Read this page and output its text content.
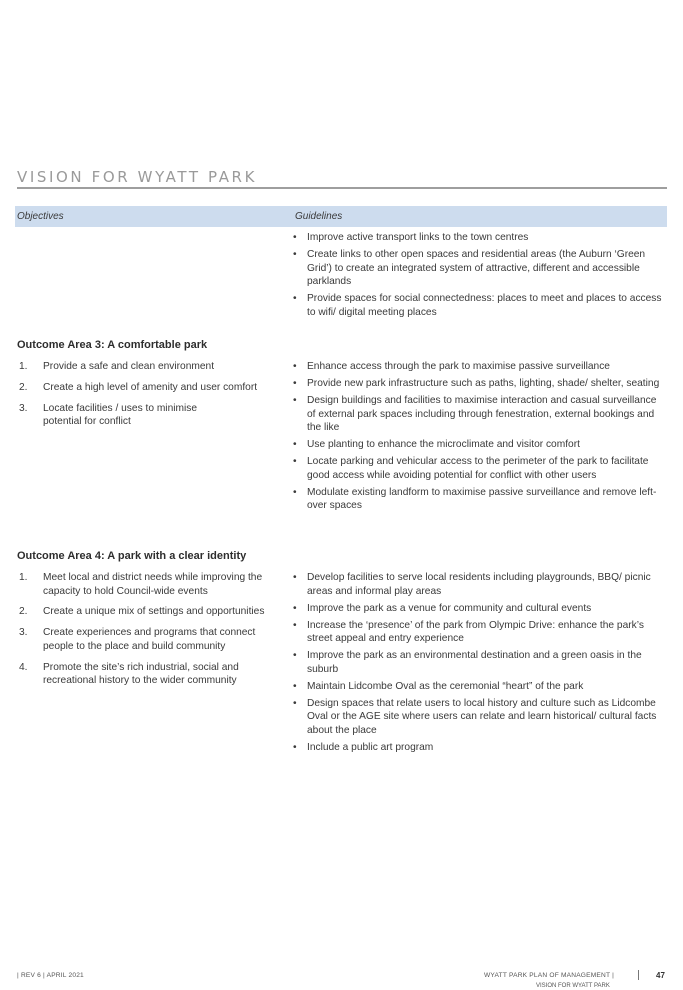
VISION FOR WYATT PARK
Objectives	Guidelines
• Improve active transport links to the town centres
• Create links to other open spaces and residential areas (the Auburn ‘Green Grid’) to create an integrated system of attractive, different and accessible parklands
• Provide spaces for social connectedness: places to meet and places to access to wifi/ digital meeting places
Outcome Area 3: A comfortable park
1. Provide a safe and clean environment
2. Create a high level of amenity and user comfort
3. Locate facilities / uses to minimise potential for conflict
• Enhance access through the park to maximise passive surveillance
• Provide new park infrastructure such as paths, lighting, shade/ shelter, seating
• Design buildings and facilities to maximise interaction and casual surveillance of external park spaces including through fenestration, external bookings and the like
• Use planting to enhance the microclimate and visitor comfort
• Locate parking and vehicular access to the perimeter of the park to facilitate good access while avoiding potential for conflict with other users
• Modulate existing landform to maximise passive surveillance and remove left-over spaces
Outcome Area 4: A park with a clear identity
1. Meet local and district needs while improving the capacity to hold Council-wide events
2. Create a unique mix of settings and opportunities
3. Create experiences and programs that connect people to the place and build community
4. Promote the site’s rich industrial, social and recreational history to the wider community
• Develop facilities to serve local residents including playgrounds, BBQ/ picnic areas and informal play areas
• Improve the park as a venue for community and cultural events
• Increase the ‘presence’ of the park from Olympic Drive: enhance the park’s street appeal and entry experience
• Improve the park as an environmental destination and a green oasis in the suburb
• Maintain Lidcombe Oval as the ceremonial “heart” of the park
• Design spaces that relate users to local history and culture such as Lidcombe Oval or the AGE site where users can relate and learn historical/ cultural facts about the place
• Include a public art program
| REV 6 | APRIL 2021	WYATT PARK PLAN OF MANAGEMENT |
VISION FOR WYATT PARK
47
